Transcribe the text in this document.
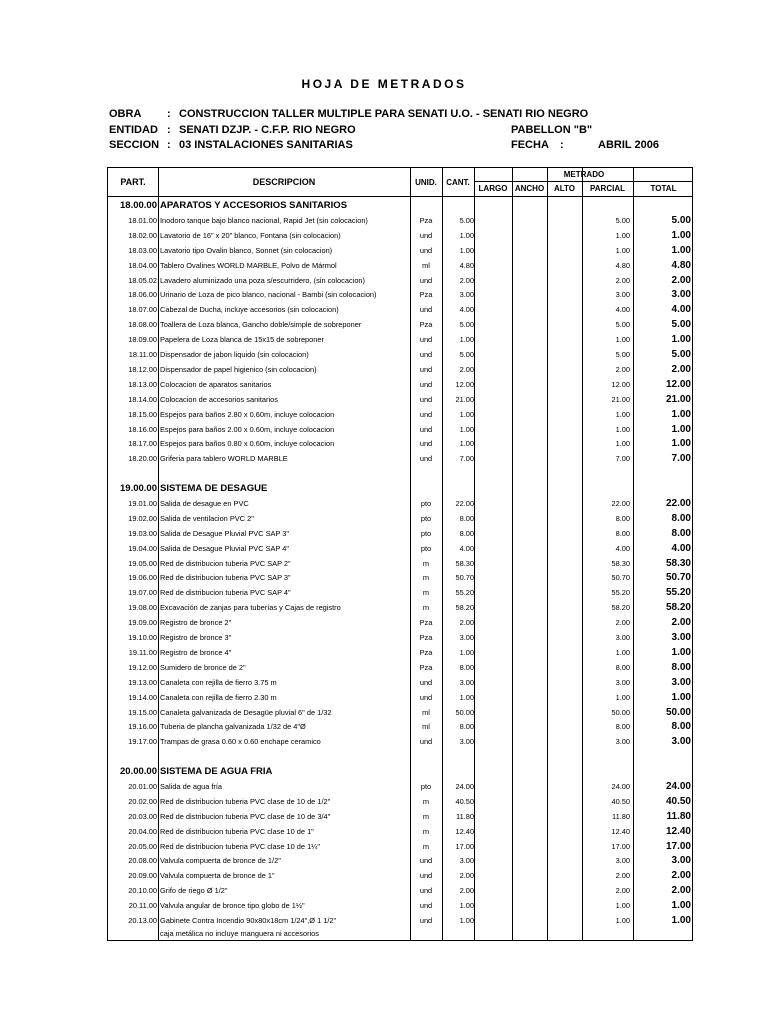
HOJA DE METRADOS
OBRA : CONSTRUCCION TALLER MULTIPLE PARA SENATI U.O. - SENATI RIO NEGRO
ENTIDAD : SENATI DZJP. - C.F.P. RIO NEGRO	PABELLON "B"
SECCION : 03 INSTALACIONES SANITARIAS	FECHA :	ABRIL 2006
PART.	DESCRIPCION	UNID.	CANT.
METRADO
LARGO ANCHO	ALTO	PARCIAL	TOTAL
18.00.00 APARATOS Y ACCESORIOS SANITARIOS
18.01.00 Inodoro tanque bajo blanco nacional, Rapid Jet (sin colocacion)	Pza	5.00	5.00	5.00
18.02.00 Lavatorio de 16" x 20" blanco, Fontana (sin colocacion)	und	1.00	1.00	1.00
18.03.00 Lavatorio tipo Ovalin blanco, Sonnet (sin colocacion)	und	1.00	1.00	1.00
18.04.00 Tablero Ovalines WORLD MARBLE, Polvo de Mármol	ml	4.80	4.80	4.80
18.05.02 Lavadero aluminizado una poza s/escurridero, (sin colocacion)	und	2.00	2.00	2.00
18.06.00 Urinario de Loza de pico blanco, nacional - Bambi (sin colocacion)	Pza	3.00	3.00	3.00
18.07.00 Cabezal de Ducha, incluye accesorios (sin colocacion)	und	4.00	4.00	4.00
18.08.00 Toallera de Loza blanca, Gancho doble/simple de sobreponer	Pza	5.00	5.00	5.00
18.09.00 Papelera de Loza blanca de 15x15 de sobreponer	und	1.00	1.00	1.00
18.11.00 Dispensador de jabon liquido (sin colocacion)	und	5.00	5.00	5.00
18.12.00 Dispensador de papel higienico (sin colocacion)	und	2.00	2.00	2.00
18.13.00 Colocacion de aparatos sanitarios	und	12.00	12.00	12.00
18.14.00 Colocacion de accesorios sanitarios	und	21.00	21.00	21.00
18.15.00 Espejos para baños 2.80 x 0.60m, incluye colocacion	und	1.00	1.00	1.00
18.16.00 Espejos para baños 2.00 x 0.60m, incluye colocacion	und	1.00	1.00	1.00
18.17.00 Espejos para baños 0.80 x 0.60m, incluye colocacion	und	1.00	1.00	1.00
18.20.00 Griferia para tablero WORLD MARBLE	und	7.00	7.00	7.00
19.00.00 SISTEMA DE DESAGUE
19.01.00 Salida de desague en PVC	pto	22.00	22.00	22.00
19.02.00 Salida de ventilacion PVC 2"	pto	8.00	8.00	8.00
19.03.00 Salida de Desague Pluvial PVC SAP 3"	pto	8.00	8.00	8.00
19.04.00 Salida de Desague Pluvial PVC SAP 4"	pto	4.00	4.00	4.00
19.05.00 Red de distribucion tuberia PVC SAP 2"	m	58.30	58.30	58.30
19.06.00 Red de distribucion tuberia PVC SAP 3"	m	50.70	50.70	50.70
19.07.00 Red de distribucion tuberia PVC SAP 4"	m	55.20	55.20	55.20
19.08.00 Excavación de zanjas para tuberías y Cajas de registro	m	58.20	58.20	58.20
19.09.00 Registro de bronce 2"	Pza	2.00	2.00	2.00
19.10.00 Registro de bronce 3"	Pza	3.00	3.00	3.00
19.11.00 Registro de bronce 4"	Pza	1.00	1.00	1.00
19.12.00 Sumidero de bronce de 2"	Pza	8.00	8.00	8.00
19.13.00 Canaleta con rejilla de fierro 3.75 m	und	3.00	3.00	3.00
19.14.00 Canaleta con rejilla de fierro 2.30 m	und	1.00	1.00	1.00
19.15.00 Canaleta galvanizada de Desagüe pluvial 6" de 1/32	ml	50.00	50.00	50.00
19.16.00 Tuberia de plancha galvanizada 1/32 de 4"Ø	ml	8.00	8.00	8.00
19.17.00 Trampas de grasa 0.60 x 0.60 enchape ceramico	und	3.00	3.00	3.00
20.00.00 SISTEMA DE AGUA FRIA
20.01.00 Salida de agua fría	pto	24.00	24.00	24.00
20.02.00 Red de distribucion tuberia PVC clase de 10 de 1/2"	m	40.50	40.50	40.50
20.03.00 Red de distribucion tuberia PVC clase de 10 de 3/4"	m	11.80	11.80	11.80
20.04.00 Red de distribucion tuberia PVC clase 10 de 1"	m	12.40	12.40	12.40
20.05.00 Red de distribucion tuberia PVC clase 10 de 1¼"	m	17.00	17.00	17.00
20.08.00 Valvula compuerta de bronce de 1/2"	und	3.00	3.00	3.00
20.09.00 Valvula compuerta de bronce de 1"	und	2.00	2.00	2.00
20.10.00 Grifo de riego Ø 1/2"	und	2.00	2.00	2.00
20.11.00 Valvula angular de bronce tipo globo de 1½"	und	1.00	1.00	1.00
20.13.00 Gabinete Contra Incendio 90x80x18cm 1/24",Ø 1 1/2"	und	1.00	1.00	1.00
caja metálica no incluye manguera ni accesorios
